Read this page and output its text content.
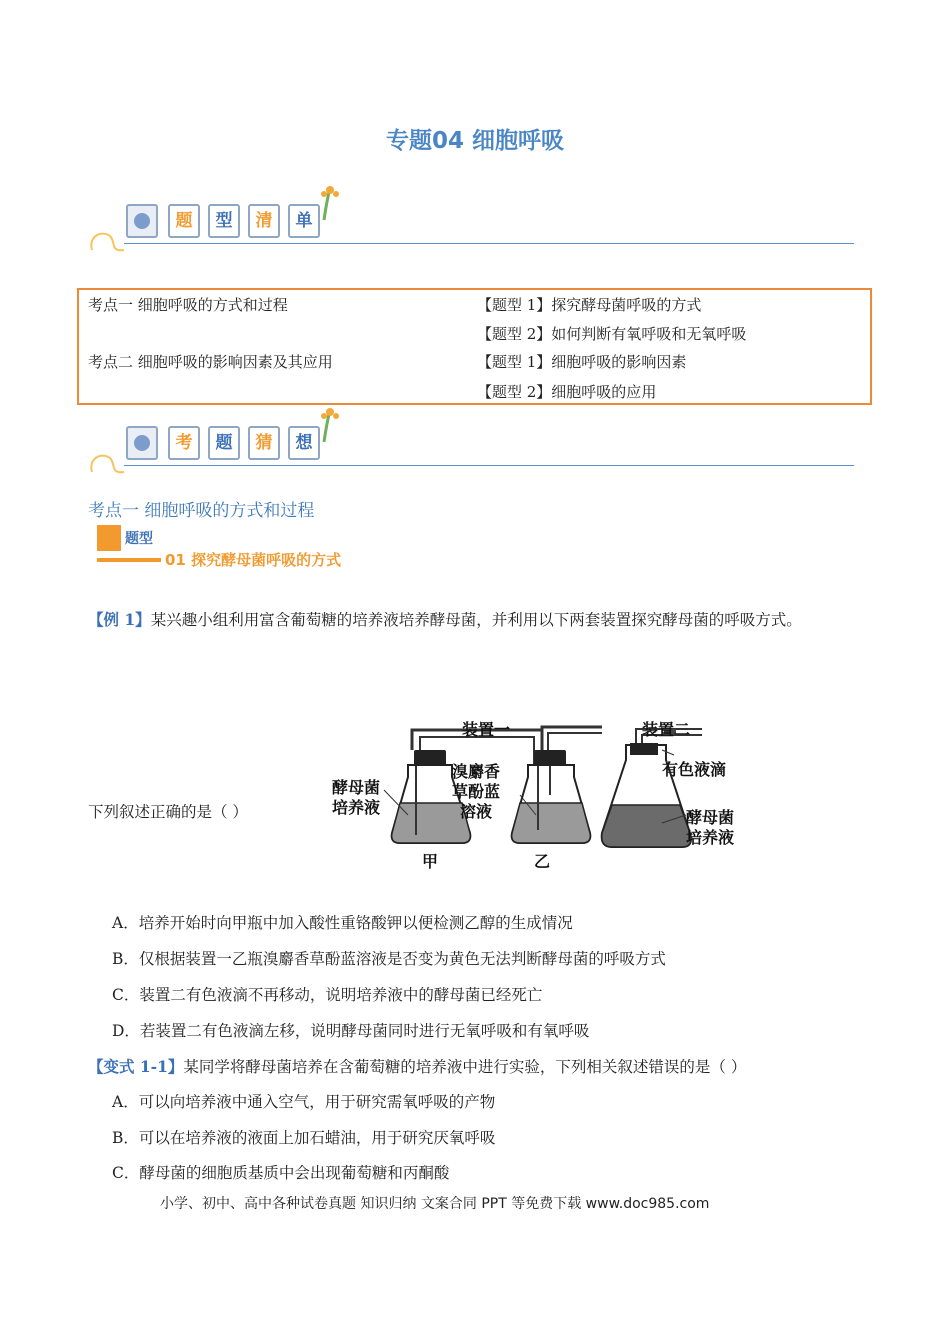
专题04 细胞呼吸
题	型	清	单
考点一 细胞呼吸的方式和过程	【题型 1】探究酵母菌呼吸的方式
【题型 2】如何判断有氧呼吸和无氧呼吸
考点二 细胞呼吸的影响因素及其应用	【题型 1】细胞呼吸的影响因素
【题型 2】细胞呼吸的应用
考	题	猜	想
考点一 细胞呼吸的方式和过程
题型
01 探究酵母菌呼吸的方式
【例 1】某兴趣小组利用富含葡萄糖的培养液培养酵母菌，并利用以下两套装置探究酵母菌的呼吸方式。
下列叙述正确的是（ ）
装置一	装置二
酵母菌
培养液
溴麝香
草酚蓝
溶液
甲	乙
有色液滴
酵母菌
培养液
A．培养开始时向甲瓶中加入酸性重铬酸钾以便检测乙醇的生成情况
B．仅根据装置一乙瓶溴麝香草酚蓝溶液是否变为黄色无法判断酵母菌的呼吸方式
C．装置二有色液滴不再移动，说明培养液中的酵母菌已经死亡
D．若装置二有色液滴左移，说明酵母菌同时进行无氧呼吸和有氧呼吸
【变式 1-1】某同学将酵母菌培养在含葡萄糖的培养液中进行实验，下列相关叙述错误的是（ ）
A．可以向培养液中通入空气，用于研究需氧呼吸的产物
B．可以在培养液的液面上加石蜡油，用于研究厌氧呼吸
C．酵母菌的细胞质基质中会出现葡萄糖和丙酮酸
小学、初中、高中各种试卷真题 知识归纳 文案合同 PPT 等免费下载 www.doc985.com
